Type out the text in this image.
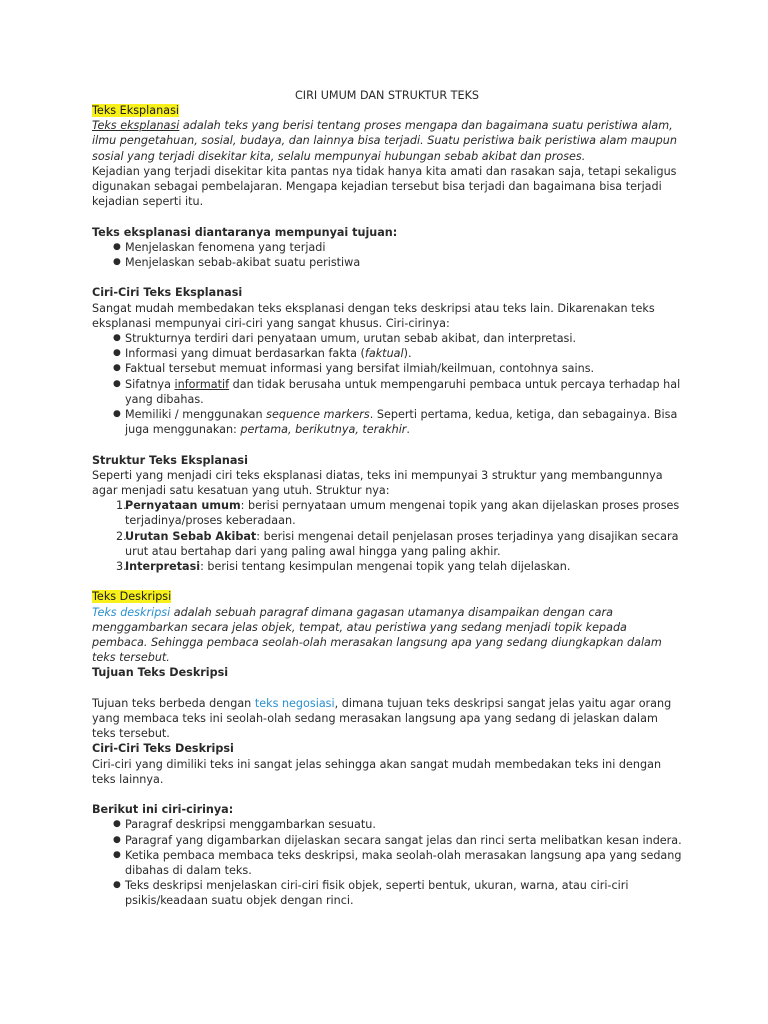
CIRI UMUM DAN STRUKTUR TEKS

Teks Eksplanasi

Teks eksplanasi adalah teks yang berisi tentang proses mengapa dan bagaimana suatu peristiwa alam, ilmu pengetahuan, sosial, budaya, dan lainnya bisa terjadi. Suatu peristiwa baik peristiwa alam maupun sosial yang terjadi disekitar kita, selalu mempunyai hubungan sebab akibat dan proses.

Kejadian yang terjadi disekitar kita pantas nya tidak hanya kita amati dan rasakan saja, tetapi sekaligus digunakan sebagai pembelajaran. Mengapa kejadian tersebut bisa terjadi dan bagaimana bisa terjadi kejadian seperti itu.

Teks eksplanasi diantaranya mempunyai tujuan:

● Menjelaskan fenomena yang terjadi
● Menjelaskan sebab-akibat suatu peristiwa

Ciri-Ciri Teks Eksplanasi

Sangat mudah membedakan teks eksplanasi dengan teks deskripsi atau teks lain. Dikarenakan teks eksplanasi mempunyai ciri-ciri yang sangat khusus. Ciri-cirinya:

● Strukturnya terdiri dari penyataan umum, urutan sebab akibat, dan interpretasi.
● Informasi yang dimuat berdasarkan fakta (faktual).
● Faktual tersebut memuat informasi yang bersifat ilmiah/keilmuan, contohnya sains.
● Sifatnya informatif dan tidak berusaha untuk mempengaruhi pembaca untuk percaya terhadap hal yang dibahas.
● Memiliki / menggunakan sequence markers. Seperti pertama, kedua, ketiga, dan sebagainya. Bisa juga menggunakan: pertama, berikutnya, terakhir.

Struktur Teks Eksplanasi

Seperti yang menjadi ciri teks eksplanasi diatas, teks ini mempunyai 3 struktur yang membangunnya agar menjadi satu kesatuan yang utuh. Struktur nya:

1.
Pernyataan umum: berisi pernyataan umum mengenai topik yang akan dijelaskan proses proses terjadinya/proses keberadaan.
2.
Urutan Sebab Akibat: berisi mengenai detail penjelasan proses terjadinya yang disajikan secara urut atau bertahap dari yang paling awal hingga yang paling akhir.
3.
Interpretasi: berisi tentang kesimpulan mengenai topik yang telah dijelaskan.

Teks Deskripsi

Teks deskripsi adalah sebuah paragraf dimana gagasan utamanya disampaikan dengan cara menggambarkan secara jelas objek, tempat, atau peristiwa yang sedang menjadi topik kepada pembaca. Sehingga pembaca seolah-olah merasakan langsung apa yang sedang diungkapkan dalam teks tersebut.

Tujuan Teks Deskripsi

Tujuan teks berbeda dengan teks negosiasi, dimana tujuan teks deskripsi sangat jelas yaitu agar orang yang membaca teks ini seolah-olah sedang merasakan langsung apa yang sedang di jelaskan dalam teks tersebut.

Ciri-Ciri Teks Deskripsi

Ciri-ciri yang dimiliki teks ini sangat jelas sehingga akan sangat mudah membedakan teks ini dengan teks lainnya.

Berikut ini ciri-cirinya:

● Paragraf deskripsi menggambarkan sesuatu.
● Paragraf yang digambarkan dijelaskan secara sangat jelas dan rinci serta melibatkan kesan indera.
● Ketika pembaca membaca teks deskripsi, maka seolah-olah merasakan langsung apa yang sedang dibahas di dalam teks.
● Teks deskripsi menjelaskan ciri-ciri fisik objek, seperti bentuk, ukuran, warna, atau ciri-ciri psikis/keadaan suatu objek dengan rinci.
